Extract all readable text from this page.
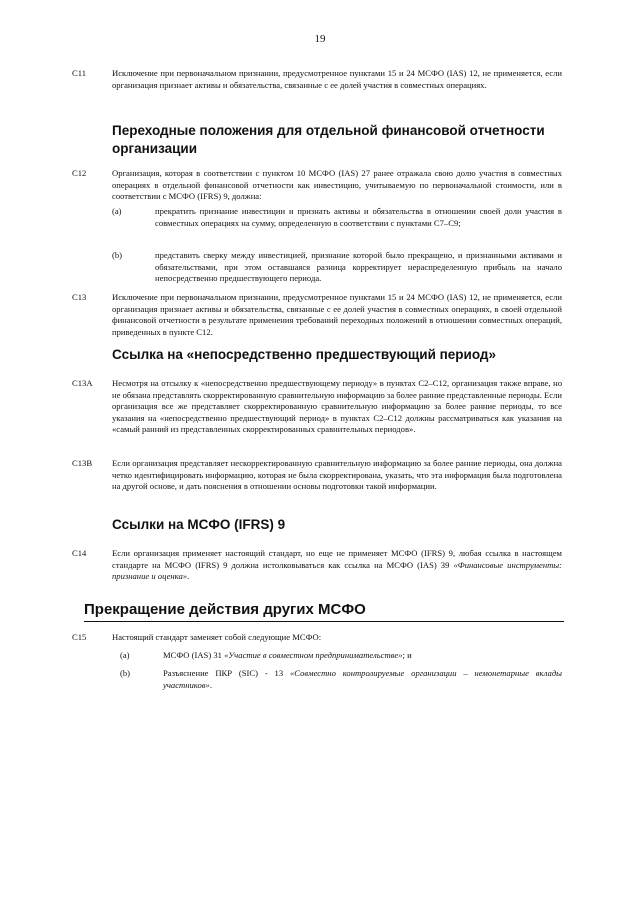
19
C11	Исключение при первоначальном признании, предусмотренное пунктами 15 и 24 МСФО (IAS) 12, не применяется, если организация признает активы и обязательства, связанные с ее долей участия в совместных операциях.
Переходные положения для отдельной финансовой отчетности организации
C12	Организация, которая в соответствии с пунктом 10 МСФО (IAS) 27 ранее отражала свою долю участия в совместных операциях в отдельной финансовой отчетности как инвестицию, учитываемую по первоначальной стоимости, или в соответствии с МСФО (IFRS) 9, должна:
(a)	прекратить признание инвестиции и признать активы и обязательства в отношении своей доли участия в совместных операциях на сумму, определенную в соответствии с пунктами C7–C9;
(b)	представить сверку между инвестицией, признание которой было прекращено, и признанными активами и обязательствами, при этом оставшаяся разница корректирует нераспределенную прибыль на начало непосредственно предшествующего периода.
C13	Исключение при первоначальном признании, предусмотренное пунктами 15 и 24 МСФО (IAS) 12, не применяется, если организация признает активы и обязательства, связанные с ее долей участия в совместных операциях, в своей отдельной финансовой отчетности в результате применения требований переходных положений в отношении совместных операций, приведенных в пункте C12.
Ссылка на «непосредственно предшествующий период»
C13A Несмотря на отсылку к «непосредственно предшествующему периоду» в пунктах C2–C12, организация также вправе, но не обязана представлять скорректированную сравнительную информацию за более ранние представленные периоды. Если организация все же представляет скорректированную сравнительную информацию за более ранние периоды, то все указания на «непосредственно предшествующий период» в пунктах C2–C12 должны рассматриваться как указания на «самый ранний из представленных скорректированных сравнительных периодов».
C13B Если организация представляет нескорректированную сравнительную информацию за более ранние периоды, она должна четко идентифицировать информацию, которая не была скорректирована, указать, что эта информация была подготовлена на другой основе, и дать пояснения в отношении основы подготовки такой информации.
Ссылки на МСФО (IFRS) 9
C14	Если организация применяет настоящий стандарт, но еще не применяет МСФО (IFRS) 9, любая ссылка в настоящем стандарте на МСФО (IFRS) 9 должна истолковываться как ссылка на МСФО (IAS) 39 «Финансовые инструменты: признание и оценка».
Прекращение действия других МСФО
C15	Настоящий стандарт заменяет собой следующие МСФО:
(a)	МСФО (IAS) 31 «Участие в совместном предпринимательстве»; и
(b)	Разъяснение ПКР (SIC) - 13 «Совместно контролируемые организации – немонетарные вклады участников».
